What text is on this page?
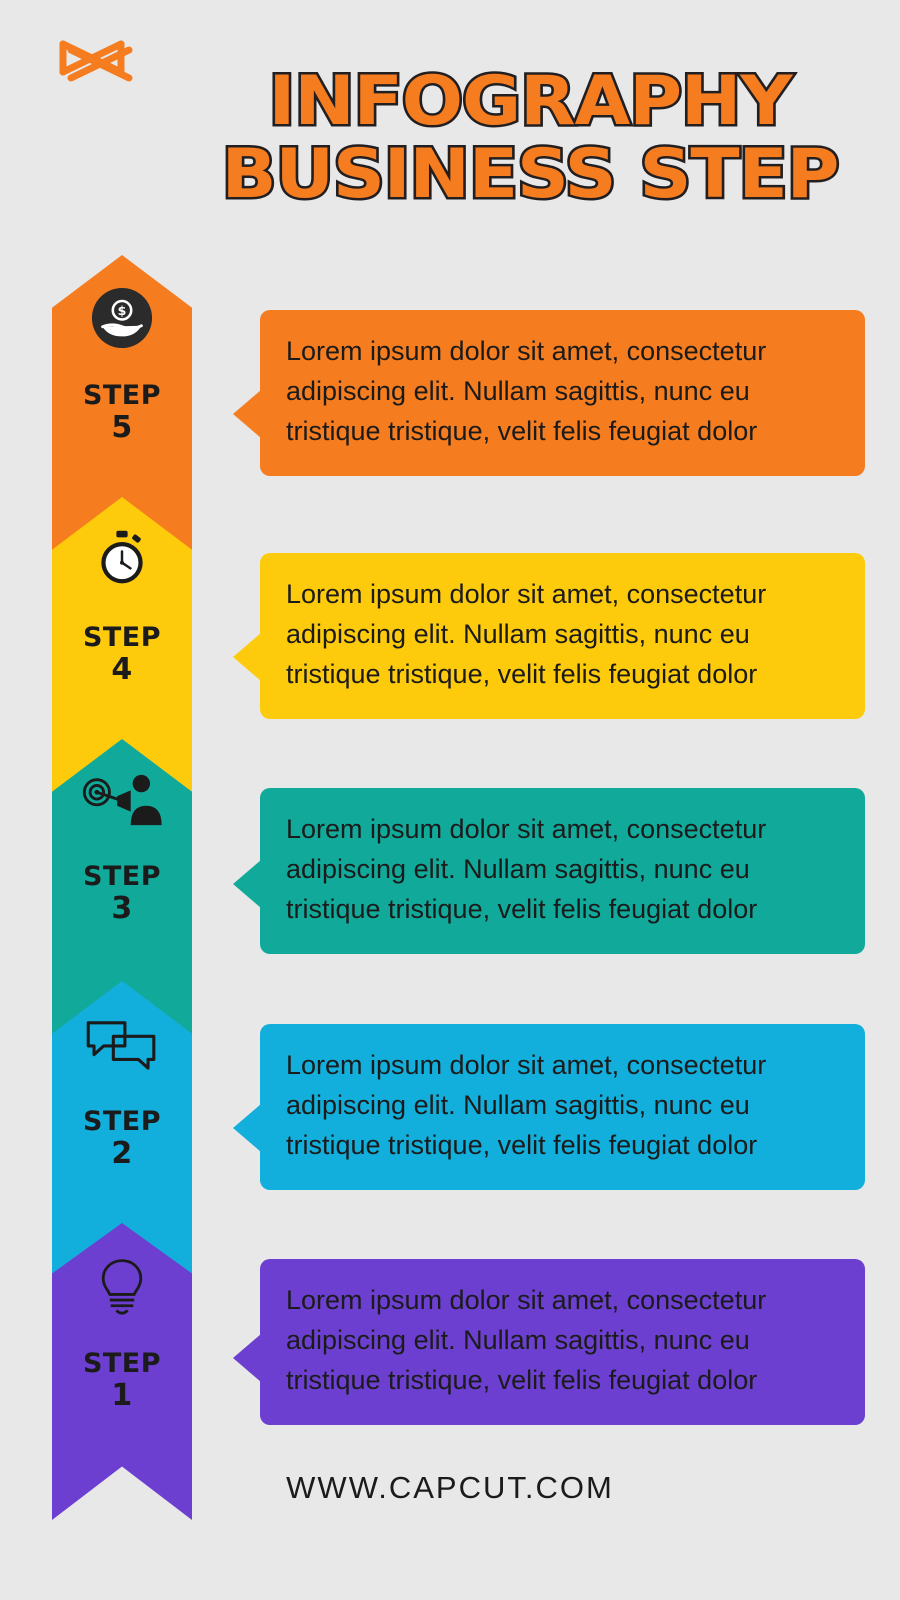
INFOGRAPHY
BUSINESS STEP
$
STEP
5
STEP
4
STEP
3
STEP
2
STEP
1

Lorem ipsum dolor sit amet, consectetur adipiscing elit. Nullam sagittis, nunc eu tristique tristique, velit felis feugiat dolor

Lorem ipsum dolor sit amet, consectetur adipiscing elit. Nullam sagittis, nunc eu tristique tristique, velit felis feugiat dolor

Lorem ipsum dolor sit amet, consectetur adipiscing elit. Nullam sagittis, nunc eu tristique tristique, velit felis feugiat dolor

Lorem ipsum dolor sit amet, consectetur adipiscing elit. Nullam sagittis, nunc eu tristique tristique, velit felis feugiat dolor

Lorem ipsum dolor sit amet, consectetur adipiscing elit. Nullam sagittis, nunc eu tristique tristique, velit felis feugiat dolor

WWW.CAPCUT.COM
